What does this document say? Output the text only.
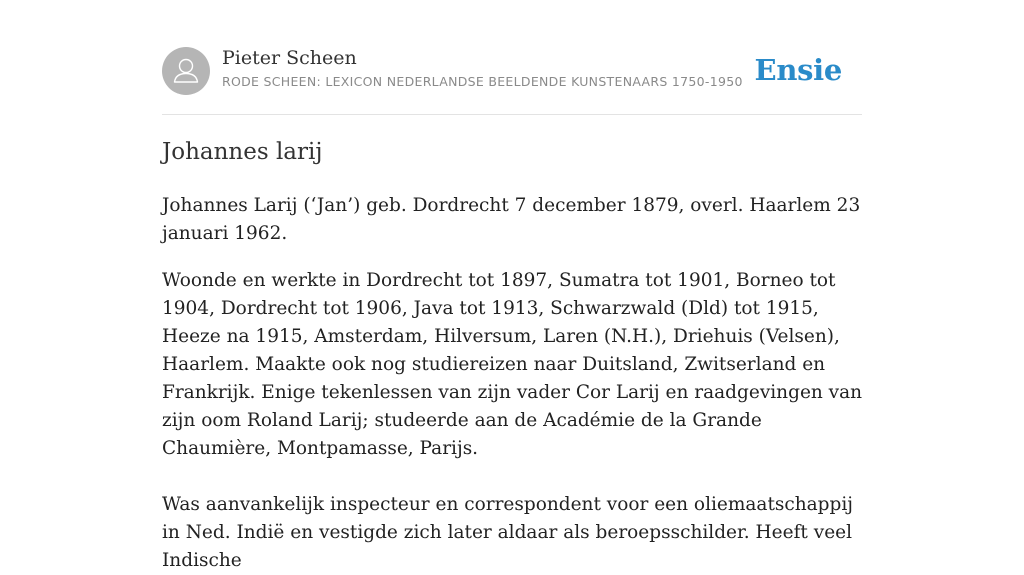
Pieter Scheen
RODE SCHEEN: LEXICON NEDERLANDSE BEELDENDE KUNSTENAARS 1750-1950 Ensie
Johannes larij

Johannes Larij (‘Jan’) geb. Dordrecht 7 december 1879, overl. Haarlem 23 januari 1962.

Woonde en werkte in Dordrecht tot 1897, Sumatra tot 1901, Borneo tot 1904, Dordrecht tot 1906, Java tot 1913, Schwarzwald (Dld) tot 1915, Heeze na 1915, Amsterdam, Hilversum, Laren (N.H.), Driehuis (Velsen), Haarlem. Maakte ook nog studiereizen naar Duitsland, Zwitserland en Frankrijk. Enige tekenlessen van zijn vader Cor Larij en raadgevingen van zijn oom Roland Larij; studeerde aan de Académie de la Grande Chaumière, Montpamasse, Parijs.

Was aanvankelijk inspecteur en correspondent voor een oliemaatschappij in Ned. Indië en vestigde zich later aldaar als beroepsschilder. Heeft veel Indische
